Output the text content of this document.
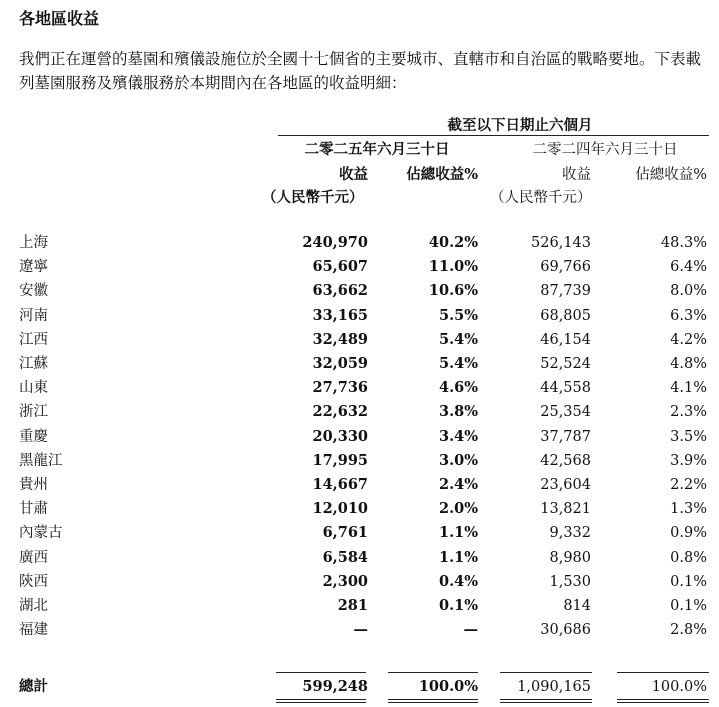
各地區收益
我們正在運營的墓園和殯儀設施位於全國十七個省的主要城市、直轄市和自治區的戰略要地。下表載列墓園服務及殯儀服務於本期間內在各地區的收益明細：
截至以下日期止六個月
二零二五年六月三十日	二零二四年六月三十日
收益	佔總收益%	收益	佔總收益%
（人民幣千元）	（人民幣千元）
上海	240,970	40.2%	526,143	48.3%
遼寧	65,607	11.0%	69,766	6.4%
安徽	63,662	10.6%	87,739	8.0%
河南	33,165	5.5%	68,805	6.3%
江西	32,489	5.4%	46,154	4.2%
江蘇	32,059	5.4%	52,524	4.8%
山東	27,736	4.6%	44,558	4.1%
浙江	22,632	3.8%	25,354	2.3%
重慶	20,330	3.4%	37,787	3.5%
黑龍江	17,995	3.0%	42,568	3.9%
貴州	14,667	2.4%	23,604	2.2%
甘肅	12,010	2.0%	13,821	1.3%
內蒙古	6,761	1.1%	9,332	0.9%
廣西	6,584	1.1%	8,980	0.8%
陝西	2,300	0.4%	1,530	0.1%
湖北	281	0.1%	814	0.1%
福建	—	—	30,686	2.8%
總計	599,248	100.0%	1,090,165	100.0%
